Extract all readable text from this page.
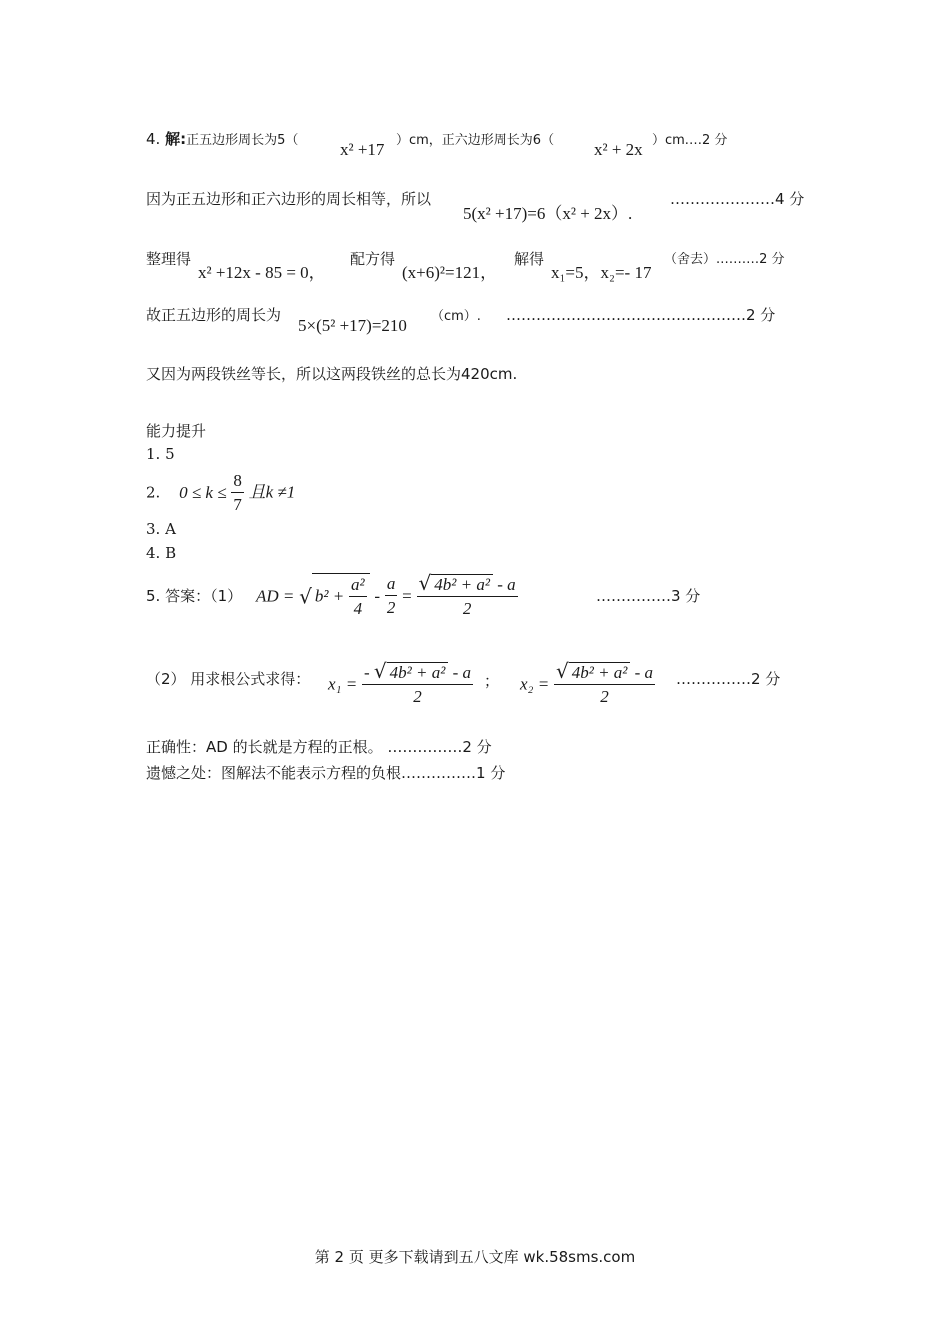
4. 解:正五边形周长为5（ x² +17 ）cm，正六边形周长为6（ x² + 2x ）cm.…2 分
因为正五边形和正六边形的周长相等，所以
5(x² +17)=6（x² + 2x）.
…………………4 分
整理得
x² +12x - 85 = 0，
配方得
(x+6)²=121，
解得
x₁=5，x₂=- 17
（舍去）.………2 分
故正五边形的周长为
5×(5² +17)=210 （cm）. …………………………………………2 分
又因为两段铁丝等长，所以这两段铁丝的总长为420cm.
能力提升
1. 5
2. $0 \le k \le \frac{8}{7}$ 且k ≠1
3. A
4. B
5. 答案：（1） AD = √ $b^2 + \frac{\text{a²}}{4} - \frac{a}{2} = \frac{\text{√ 4b² + a² - a}}{2}$	……………3 分
（2） 用求根公式求得： $x_1 = \frac{\text{- √ 4b² + a² - a}}{2}$ ； $x_2 = \frac{\text{√ 4b² + a² - a}}{2}$ ……………2 分
正确性：AD 的长就是方程的正根。 ……………2 分
遗憾之处：图解法不能表示方程的负根……………1 分
第 2 页 更多下载请到五八文库 wk.58sms.com
